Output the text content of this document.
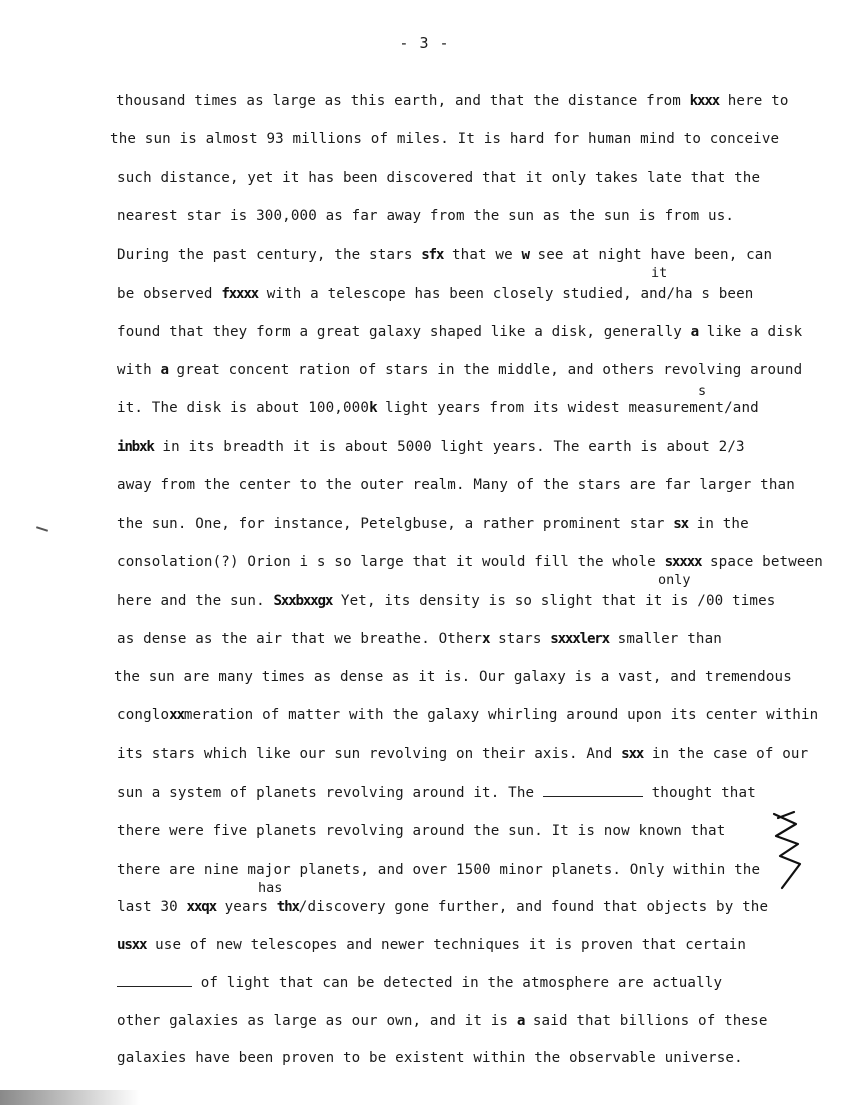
- 3 -
thousand times as large as this earth, and that the distance from kxxx here to
the sun is almost 93 millions of miles. It is hard for human mind to conceive
such distance, yet it has been discovered that it only takes late that the
nearest star is 300,000 as far away from the sun as the sun is from us.
During the past century, the stars sfx that we w see at night have been, can
be observed fxxxx with a telescope has been closely studied, and/ha s been
found that they form a great galaxy shaped like a disk, generally a like a disk
with a great concent ration of stars in the middle, and others revolving around
it. The disk is about 100,000k light years from its widest measurement/and
inbxk in its breadth it is about 5000 light years. The earth is about 2/3
away from the center to the outer realm. Many of the stars are far larger than
the sun. One, for instance, Petelgbuse, a rather prominent star sx in the
consolation(?) Orion i s so large that it would fill the whole sxxxx space between
here and the sun. Sxxbxxgx Yet, its density is so slight that it is /00 times
as dense as the air that we breathe. Otherx stars sxxxlerx smaller than
the sun are many times as dense as it is. Our galaxy is a vast, and tremendous
congloxxmeration of matter with the galaxy whirling around upon its center within
its stars which like our sun revolving on their axis. And sxx in the case of our
sun a system of planets revolving around it. The	thought that
there were five planets revolving around the sun. It is now known that
there are nine major planets, and over 1500 minor planets. Only within the
last 30 xxqx years thx/discovery gone further, and found that objects by the
usxx use of new telescopes and newer techniques it is proven that certain
of light that can be detected in the atmosphere are actually
other galaxies as large as our own, and it is a said that billions of these
galaxies have been proven to be existent within the observable universe.
it
s
only
has
